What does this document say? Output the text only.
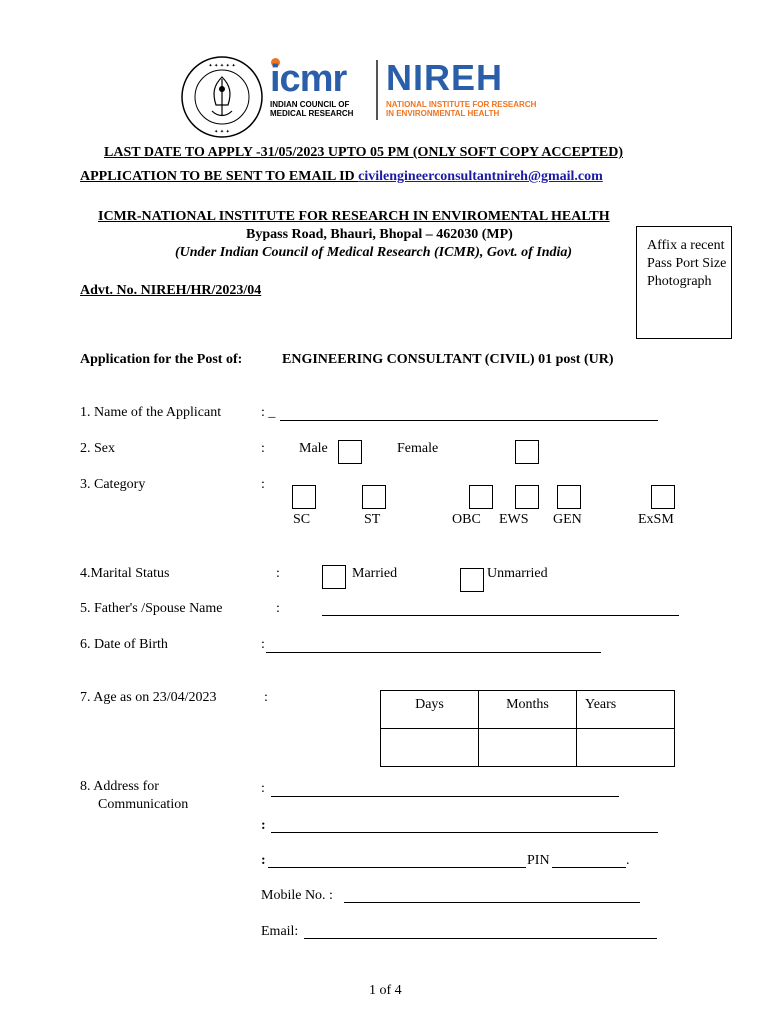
✦ ✦ ✦ ✦ ✦
✦ ✦ ✦
icmr
INDIAN COUNCIL OF
MEDICAL RESEARCH
NIREH
NATIONAL INSTITUTE FOR RESEARCH
IN ENVIRONMENTAL HEALTH
LAST DATE TO APPLY -31/05/2023 UPTO 05 PM (ONLY SOFT COPY ACCEPTED)
APPLICATION TO BE SENT TO EMAIL ID civilengineerconsultantnireh@gmail.com
ICMR-NATIONAL INSTITUTE FOR RESEARCH IN ENVIROMENTAL HEALTH
Bypass Road, Bhauri, Bhopal – 462030 (MP)
(Under Indian Council of Medical Research (ICMR), Govt. of India)
Advt. No. NIREH/HR/2023/04
Affix a recent
Pass Port Size
Photograph
Application for the Post of:	ENGINEERING CONSULTANT (CIVIL) 01 post (UR)
1. Name of the Applicant	: _
2. Sex	: Male	Female
3. Category	:
SC	ST	OBC EWS GEN	ExSM
4.Marital Status	:	Married	Unmarried
5. Father's /Spouse Name	:
6. Date of Birth	:
7. Age as on 23/04/2023	:	Days	Months	Years

8. Address for
Communication
:
:
:	PIN	.
Mobile No. :
Email:
1 of 4
